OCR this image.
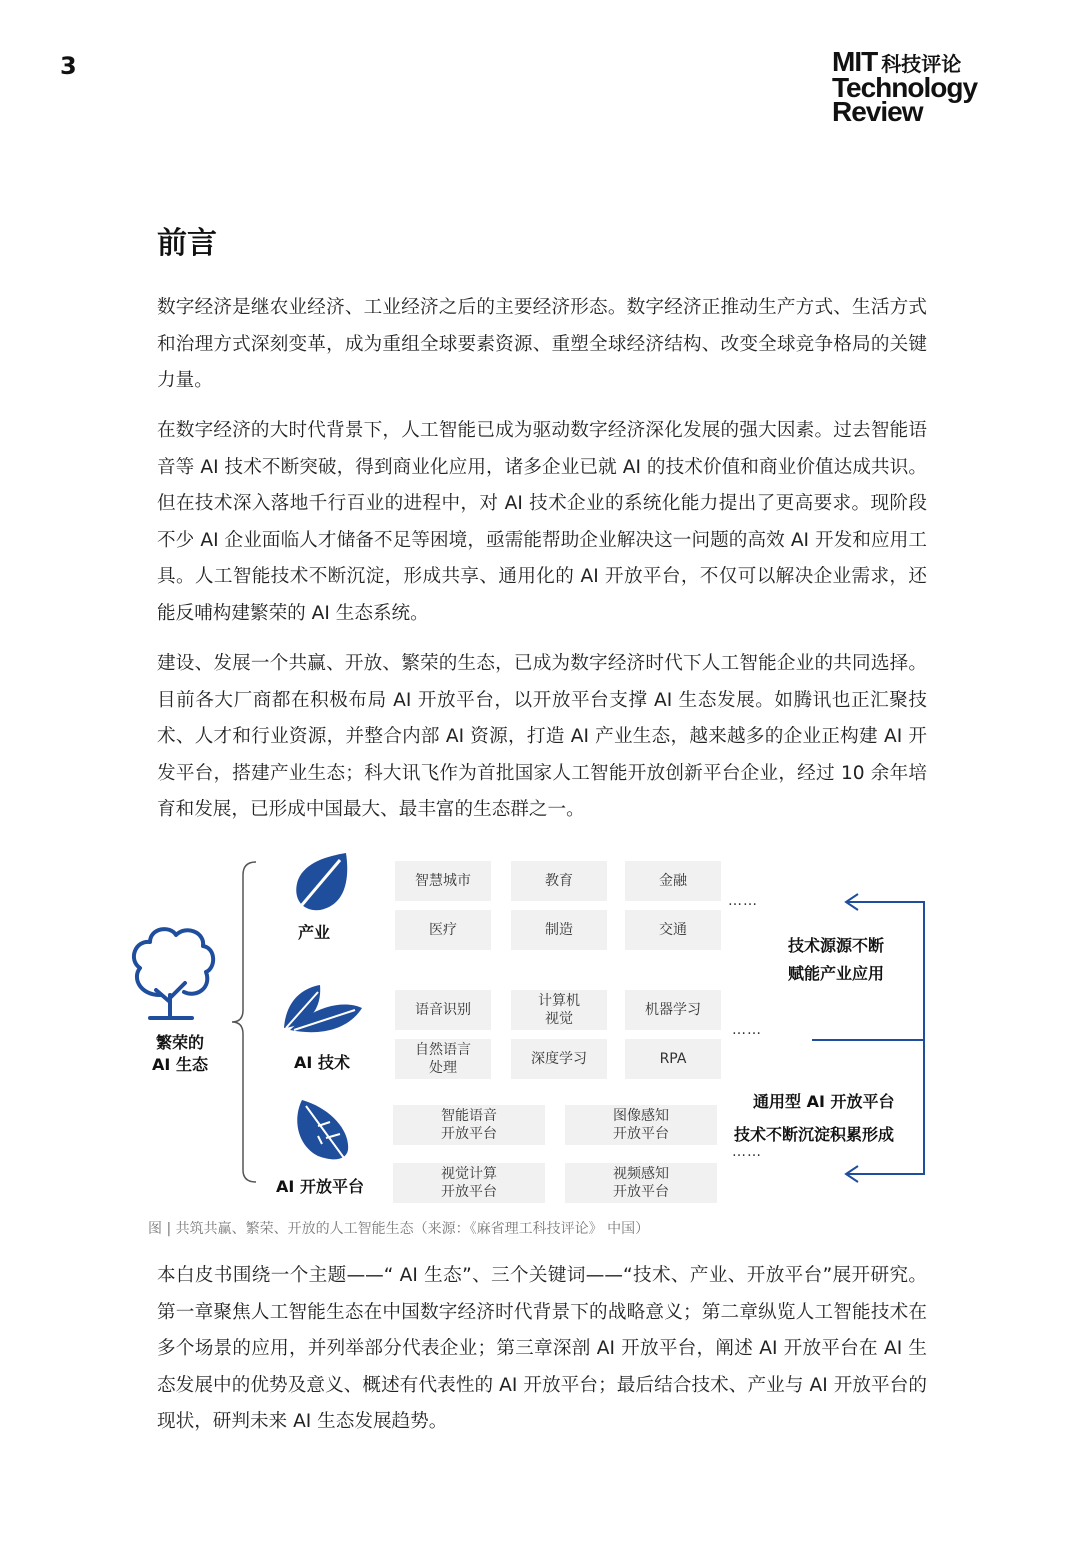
3	MIT 科技评论
Technology
Review
前言

数字经济是继农业经济、工业经济之后的主要经济形态。数字经济正推动生产方式、生活方式和治理方式深刻变革，成为重组全球要素资源、重塑全球经济结构、改变全球竞争格局的关键力量。

在数字经济的大时代背景下，人工智能已成为驱动数字经济深化发展的强大因素。过去智能语音等 AI 技术不断突破，得到商业化应用，诸多企业已就 AI 的技术价值和商业价值达成共识。但在技术深入落地千行百业的进程中，对 AI 技术企业的系统化能力提出了更高要求。现阶段不少 AI 企业面临人才储备不足等困境，亟需能帮助企业解决这一问题的高效 AI 开发和应用工具。人工智能技术不断沉淀，形成共享、通用化的 AI 开放平台，不仅可以解决企业需求，还能反哺构建繁荣的 AI 生态系统。

建设、发展一个共赢、开放、繁荣的生态，已成为数字经济时代下人工智能企业的共同选择。目前各大厂商都在积极布局 AI 开放平台，以开放平台支撑 AI 生态发展。如腾讯也正汇聚技术、人才和行业资源，并整合内部 AI 资源，打造 AI 产业生态，越来越多的企业正构建 AI 开发平台，搭建产业生态；科大讯飞作为首批国家人工智能开放创新平台企业，经过 10 余年培育和发展，已形成中国最大、最丰富的生态群之一。

繁荣的
AI 生态
产业
AI 技术
AI 开放平台
智慧城市	教育	金融
医疗	制造	交通
……
语音识别
计算机
视觉
机器学习
自然语言
处理
深度学习	RPA
……
智能语音
开放平台
图像感知
开放平台
视觉计算
开放平台
视频感知
开放平台
……
技术源源不断
赋能产业应用
通用型 AI 开放平台
技术不断沉淀积累形成
图 | 共筑共赢、繁荣、开放的人工智能生态（来源：《麻省理工科技评论》 中国）

本白皮书围绕一个主题——“ AI 生态”、三个关键词——“技术、产业、开放平台”展开研究。第一章聚焦人工智能生态在中国数字经济时代背景下的战略意义；第二章纵览人工智能技术在多个场景的应用，并列举部分代表企业；第三章深剖 AI 开放平台，阐述 AI 开放平台在 AI 生态发展中的优势及意义、概述有代表性的 AI 开放平台；最后结合技术、产业与 AI 开放平台的现状，研判未来 AI 生态发展趋势。
